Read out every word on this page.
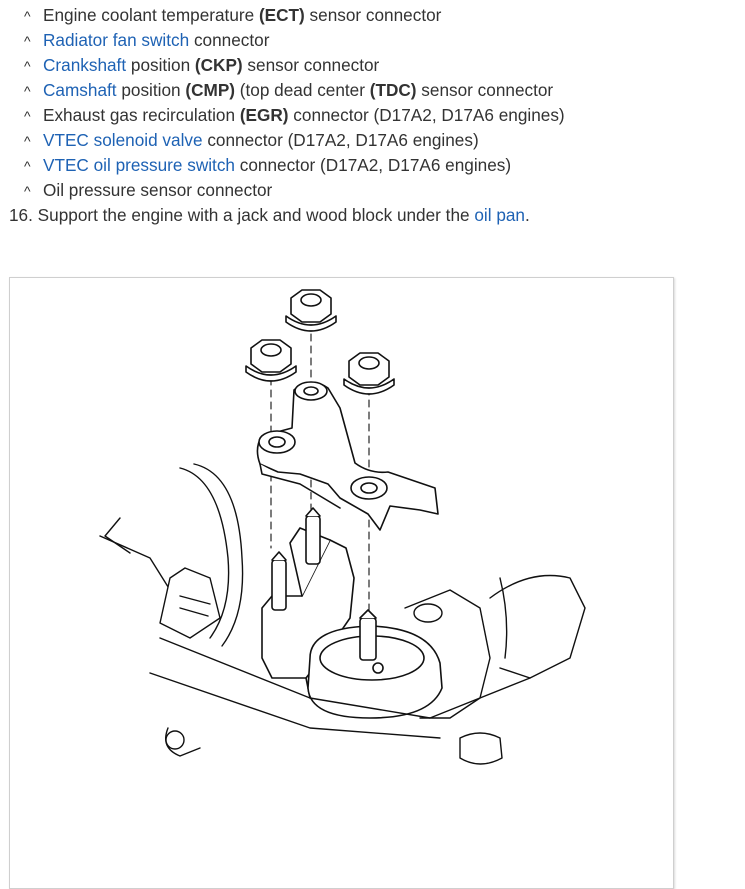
^ Engine coolant temperature (ECT) sensor connector
^ Radiator fan switch connector
^ Crankshaft position (CKP) sensor connector
^ Camshaft position (CMP) (top dead center (TDC) sensor connector
^ Exhaust gas recirculation (EGR) connector (D17A2, D17A6 engines)
^ VTEC solenoid valve connector (D17A2, D17A6 engines)
^ VTEC oil pressure switch connector (D17A2, D17A6 engines)
^ Oil pressure sensor connector
16. Support the engine with a jack and wood block under the oil pan.
